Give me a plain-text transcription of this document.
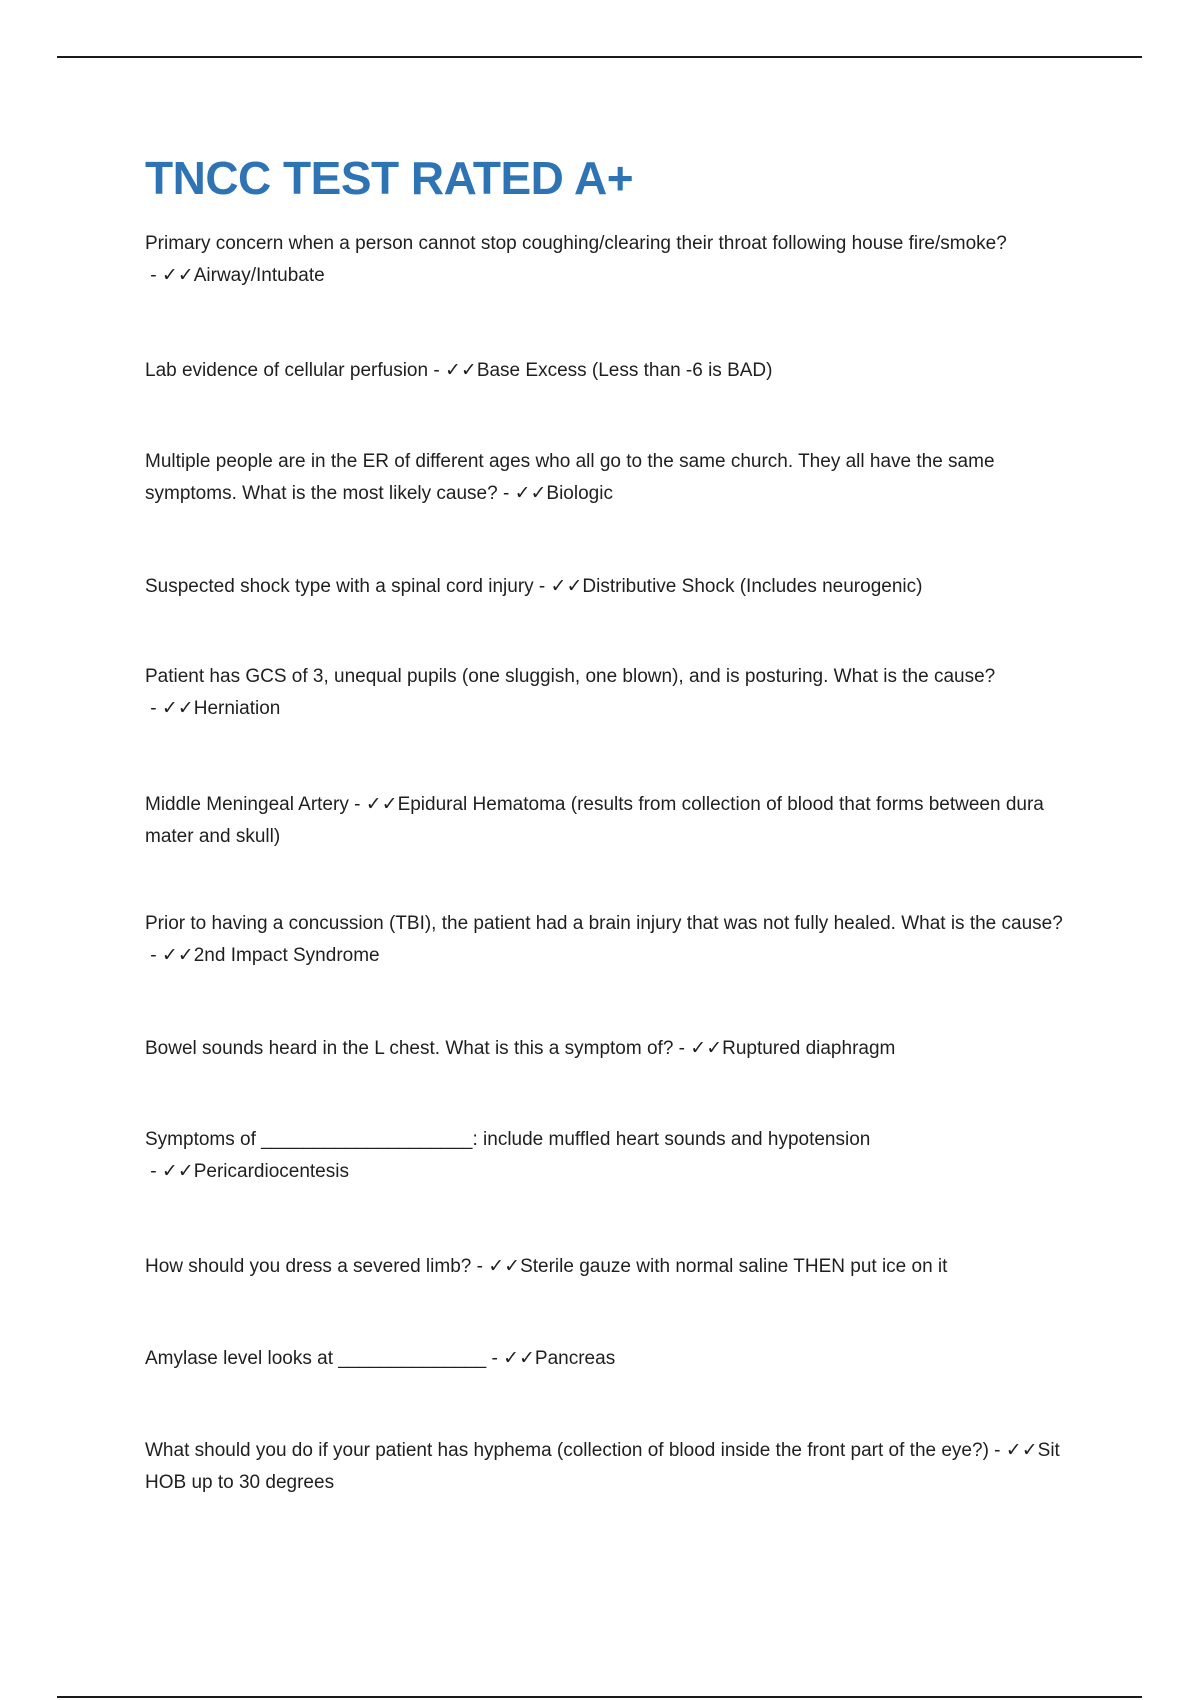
TNCC TEST RATED A+

Primary concern when a person cannot stop coughing/clearing their throat following house fire/smoke? - ✓✓Airway/Intubate

Lab evidence of cellular perfusion - ✓✓Base Excess (Less than -6 is BAD)

Multiple people are in the ER of different ages who all go to the same church. They all have the same symptoms. What is the most likely cause? - ✓✓Biologic

Suspected shock type with a spinal cord injury - ✓✓Distributive Shock (Includes neurogenic)

Patient has GCS of 3, unequal pupils (one sluggish, one blown), and is posturing. What is the cause? - ✓✓Herniation

Middle Meningeal Artery - ✓✓Epidural Hematoma (results from collection of blood that forms between dura mater and skull)

Prior to having a concussion (TBI), the patient had a brain injury that was not fully healed. What is the cause? - ✓✓2nd Impact Syndrome

Bowel sounds heard in the L chest. What is this a symptom of? - ✓✓Ruptured diaphragm

Symptoms of ____________________: include muffled heart sounds and hypotension - ✓✓Pericardiocentesis

How should you dress a severed limb? - ✓✓Sterile gauze with normal saline THEN put ice on it

Amylase level looks at ______________ - ✓✓Pancreas

What should you do if your patient has hyphema (collection of blood inside the front part of the eye?) - ✓✓Sit HOB up to 30 degrees
